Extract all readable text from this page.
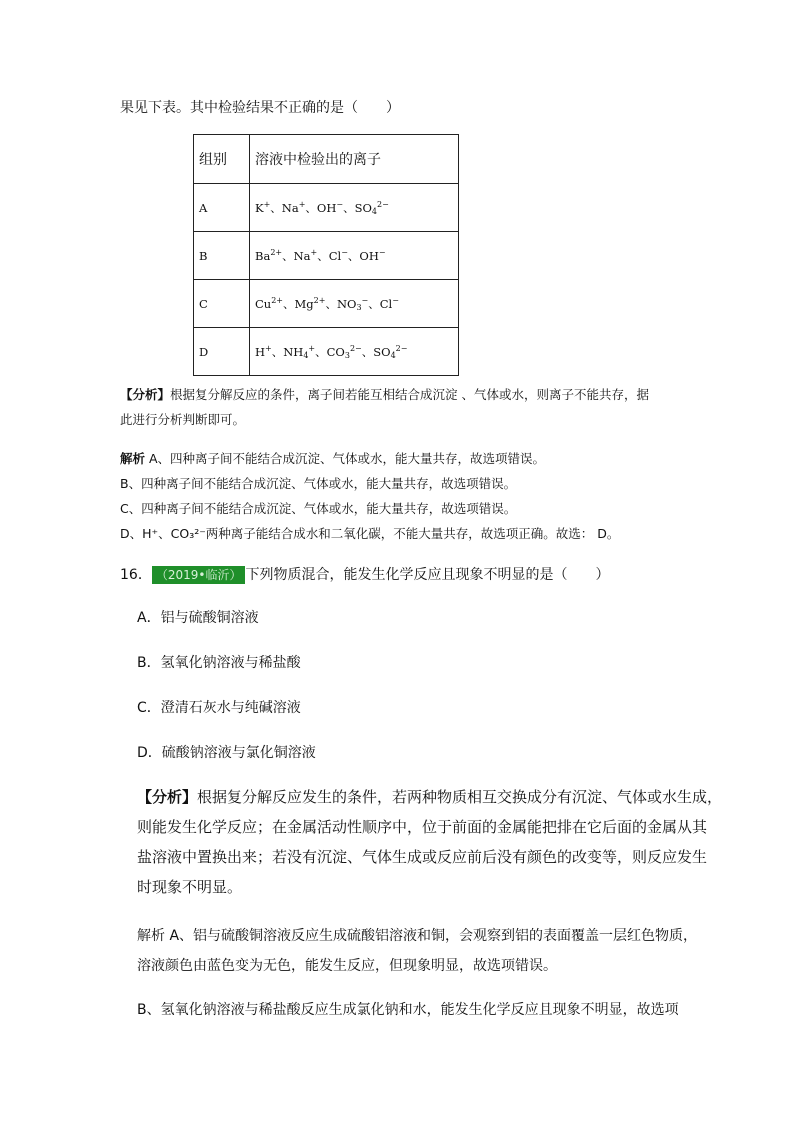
果见下表。其中检验结果不正确的是（　　）
组别	溶液中检验出的离子
A	K+、Na+、OH−、$SO_4^{2-}$
B	$Ba^{2+}$、Na+、Cl−、OH−
C	$Cu^{2+}$、$Mg^{2+}$、$NO_3^-$、Cl−
D	H+、$NH_4^+$、$CO_3^{2-}$、$SO_4^{2-}$
【分析】根据复分解反应的条件，离子间若能互相结合成沉淀 、气体或水，则离子不能共存，据
此进行分析判断即可。
解析 A、四种离子间不能结合成沉淀、气体或水，能大量共存，故选项错误。
B、四种离子间不能结合成沉淀、气体或水，能大量共存，故选项错误。
C、四种离子间不能结合成沉淀、气体或水，能大量共存，故选项错误。
D、H⁺、CO₃²⁻两种离子能结合成水和二氧化碳，不能大量共存，故选项正确。故选： D。
16． （2019•临沂） 下列物质混合，能发生化学反应且现象不明显的是（　　）
A．铝与硫酸铜溶液
B．氢氧化钠溶液与稀盐酸
C．澄清石灰水与纯碱溶液
D．硫酸钠溶液与氯化铜溶液
【分析】根据复分解反应发生的条件，若两种物质相互交换成分有沉淀、气体或水生成，
则能发生化学反应；在金属活动性顺序中，位于前面的金属能把排在它后面的金属从其
盐溶液中置换出来；若没有沉淀、气体生成或反应前后没有颜色的改变等，则反应发生
时现象不明显。
解析 A、铝与硫酸铜溶液反应生成硫酸铝溶液和铜，会观察到铝的表面覆盖一层红色物质，
溶液颜色由蓝色变为无色，能发生反应，但现象明显，故选项错误。
B、氢氧化钠溶液与稀盐酸反应生成氯化钠和水，能发生化学反应且现象不明显，故选项
